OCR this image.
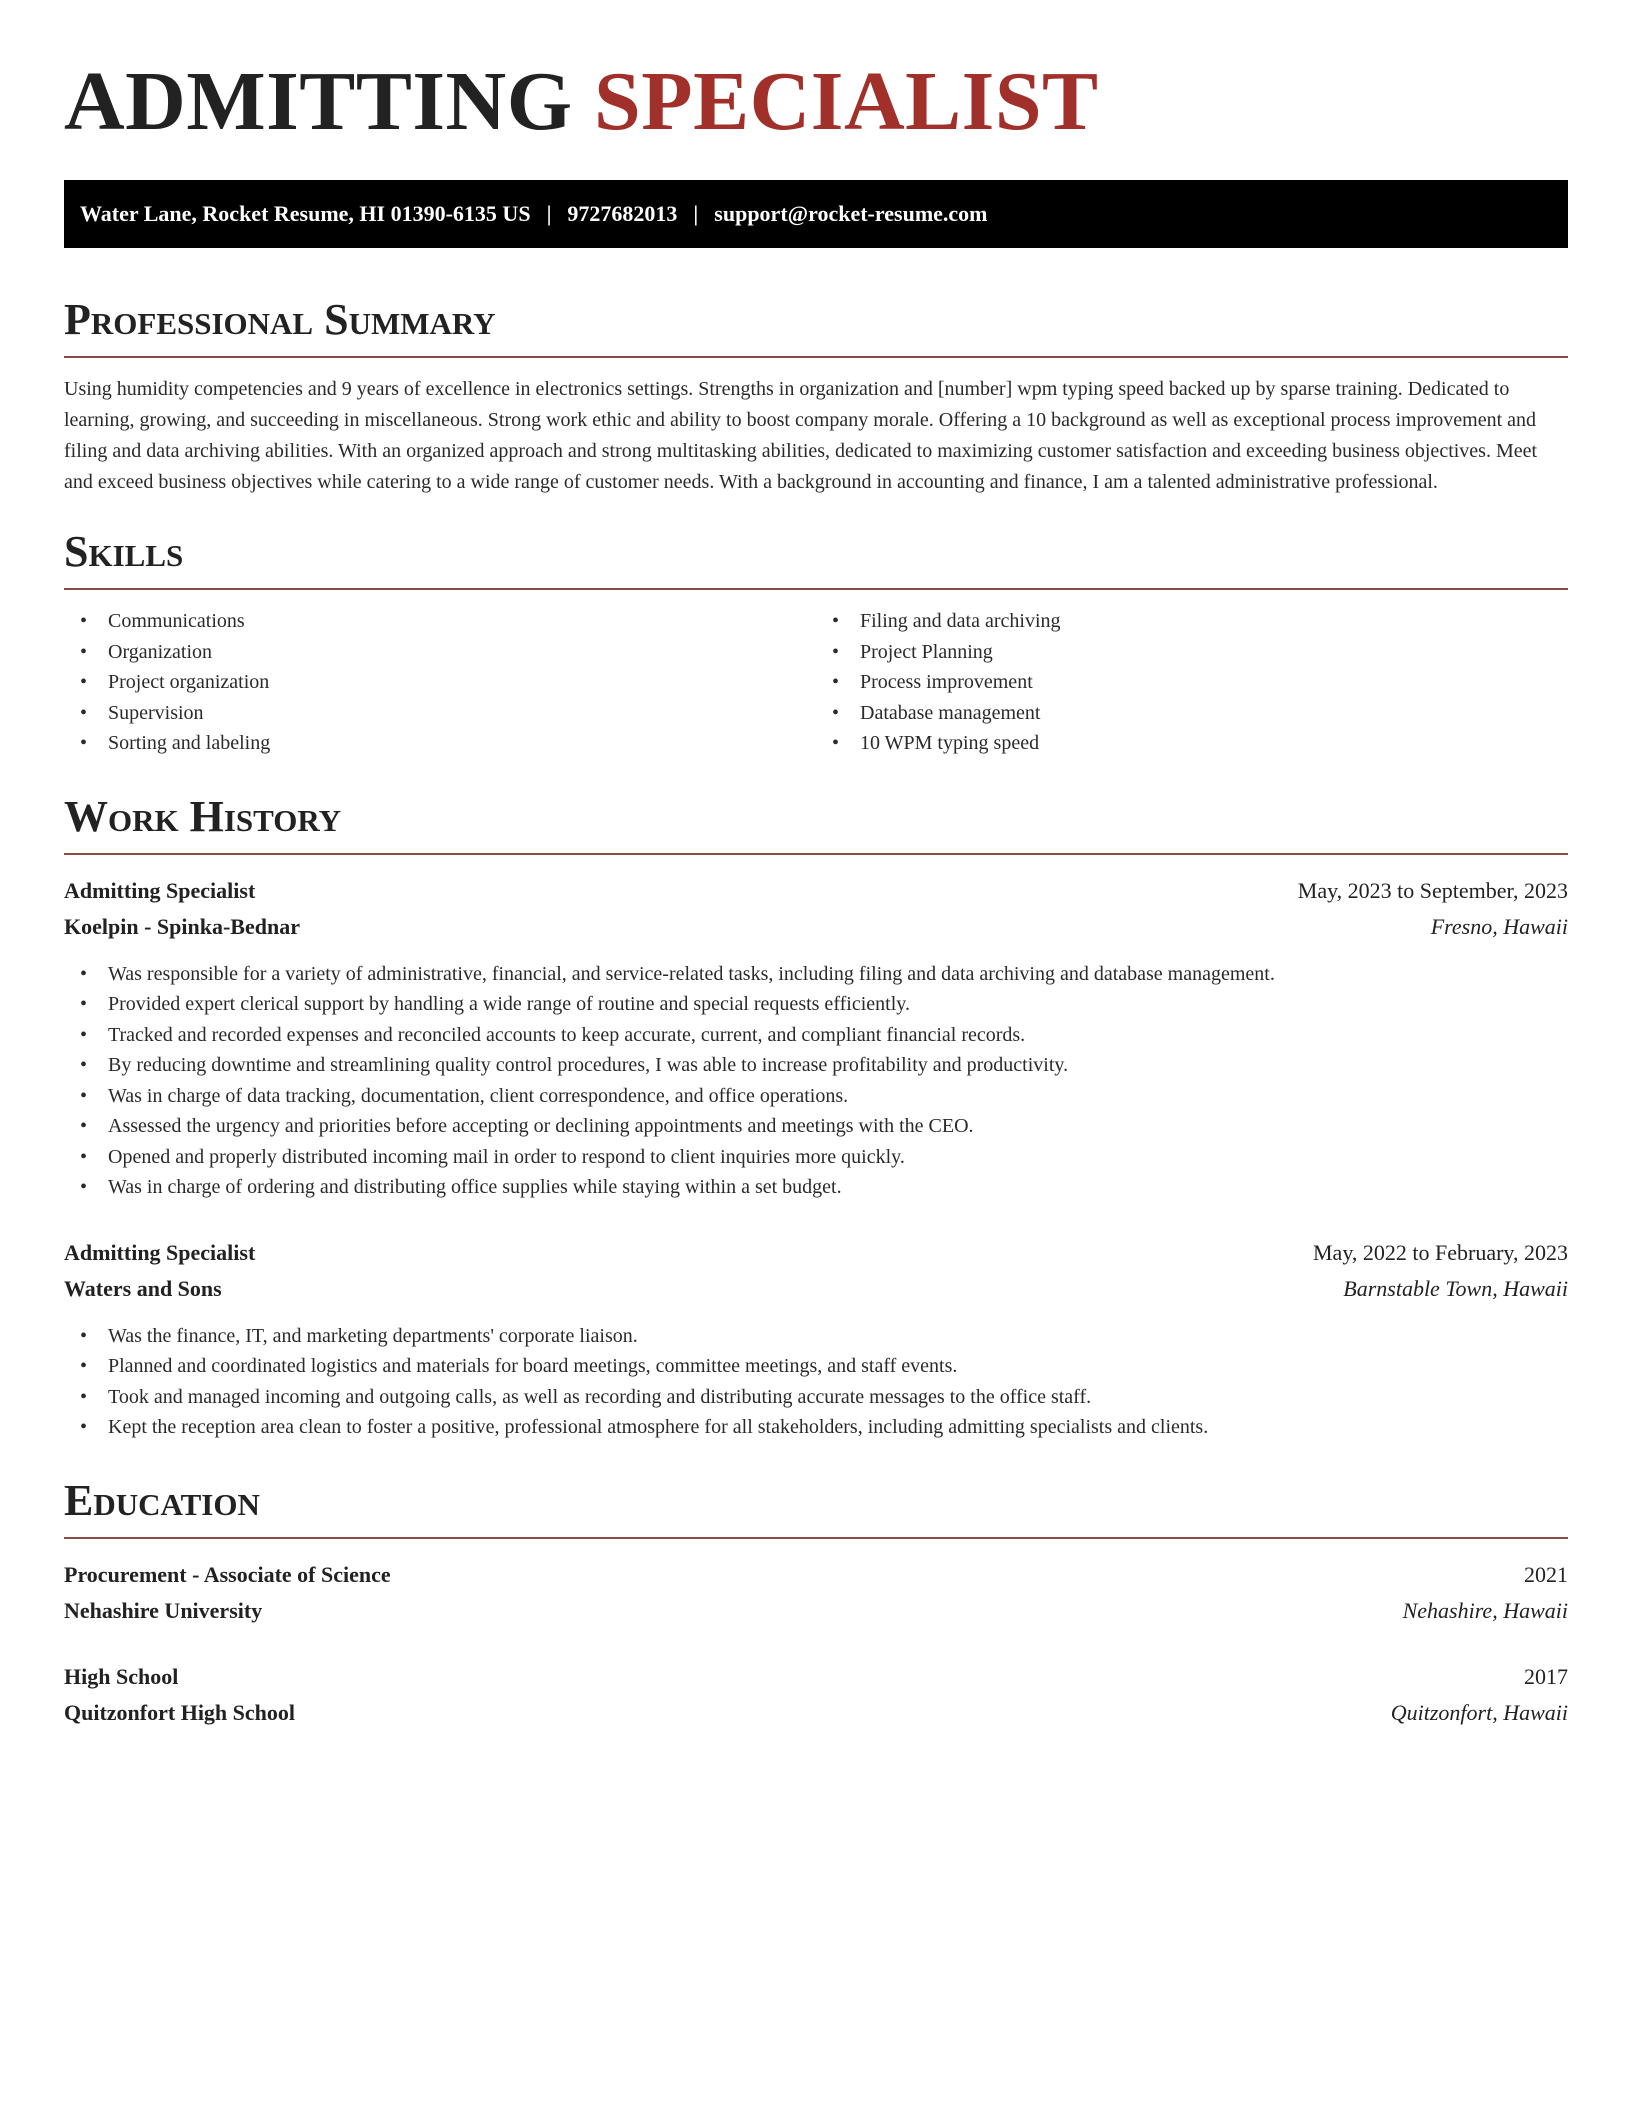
ADMITTING SPECIALIST
Water Lane, Rocket Resume, HI 01390-6135 US | 9727682013 | support@rocket-resume.com
Professional Summary

Using humidity competencies and 9 years of excellence in electronics settings. Strengths in organization and [number] wpm typing speed backed up by sparse training. Dedicated to learning, growing, and succeeding in miscellaneous. Strong work ethic and ability to boost company morale. Offering a 10 background as well as exceptional process improvement and filing and data archiving abilities. With an organized approach and strong multitasking abilities, dedicated to maximizing customer satisfaction and exceeding business objectives. Meet and exceed business objectives while catering to a wide range of customer needs. With a background in accounting and finance, I am a talented administrative professional.

Skills
• Communications
• Organization
• Project organization
• Supervision
• Sorting and labeling
• Filing and data archiving
• Project Planning
• Process improvement
• Database management
• 10 WPM typing speed
Work History
Admitting Specialist	May, 2023 to September, 2023
Koelpin - Spinka-Bednar	Fresno, Hawaii
• Was responsible for a variety of administrative, financial, and service-related tasks, including filing and data archiving and database management.
• Provided expert clerical support by handling a wide range of routine and special requests efficiently.
• Tracked and recorded expenses and reconciled accounts to keep accurate, current, and compliant financial records.
• By reducing downtime and streamlining quality control procedures, I was able to increase profitability and productivity.
• Was in charge of data tracking, documentation, client correspondence, and office operations.
• Assessed the urgency and priorities before accepting or declining appointments and meetings with the CEO.
• Opened and properly distributed incoming mail in order to respond to client inquiries more quickly.
• Was in charge of ordering and distributing office supplies while staying within a set budget.
Admitting Specialist	May, 2022 to February, 2023
Waters and Sons	Barnstable Town, Hawaii
• Was the finance, IT, and marketing departments' corporate liaison.
• Planned and coordinated logistics and materials for board meetings, committee meetings, and staff events.
• Took and managed incoming and outgoing calls, as well as recording and distributing accurate messages to the office staff.
• Kept the reception area clean to foster a positive, professional atmosphere for all stakeholders, including admitting specialists and clients.
Education
Procurement - Associate of Science	2021
Nehashire University	Nehashire, Hawaii
High School	2017
Quitzonfort High School	Quitzonfort, Hawaii
